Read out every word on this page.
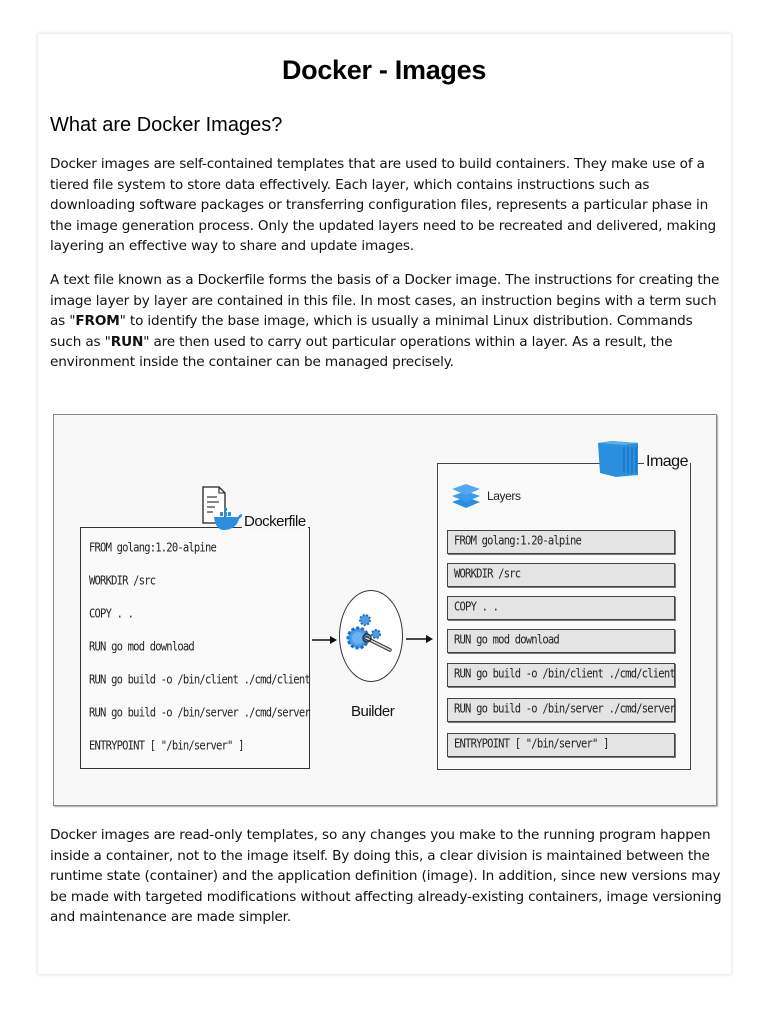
Docker - Images
What are Docker Images?

Docker images are self-contained templates that are used to build containers. They make use of a tiered file system to store data effectively. Each layer, which contains instructions such as downloading software packages or transferring configuration files, represents a particular phase in the image generation process. Only the updated layers need to be recreated and delivered, making layering an effective way to share and update images.

A text file known as a Dockerfile forms the basis of a Docker image. The instructions for creating the image layer by layer are contained in this file. In most cases, an instruction begins with a term such as "FROM" to identify the base image, which is usually a minimal Linux distribution. Commands such as "RUN" are then used to carry out particular operations within a layer. As a result, the environment inside the container can be managed precisely.

FROM golang:1.20-alpine
WORKDIR /src
COPY . .
RUN go mod download
RUN go build -o /bin/client ./cmd/client
RUN go build -o /bin/server ./cmd/server
ENTRYPOINT [ "/bin/server" ]
Dockerfile
Builder
Image
Layers
FROM golang:1.20-alpine
WORKDIR /src
COPY . .
RUN go mod download
RUN go build -o /bin/client ./cmd/client
RUN go build -o /bin/server ./cmd/server
ENTRYPOINT [ "/bin/server" ]

Docker images are read-only templates, so any changes you make to the running program happen inside a container, not to the image itself. By doing this, a clear division is maintained between the runtime state (container) and the application definition (image). In addition, since new versions may be made with targeted modifications without affecting already-existing containers, image versioning and maintenance are made simpler.
